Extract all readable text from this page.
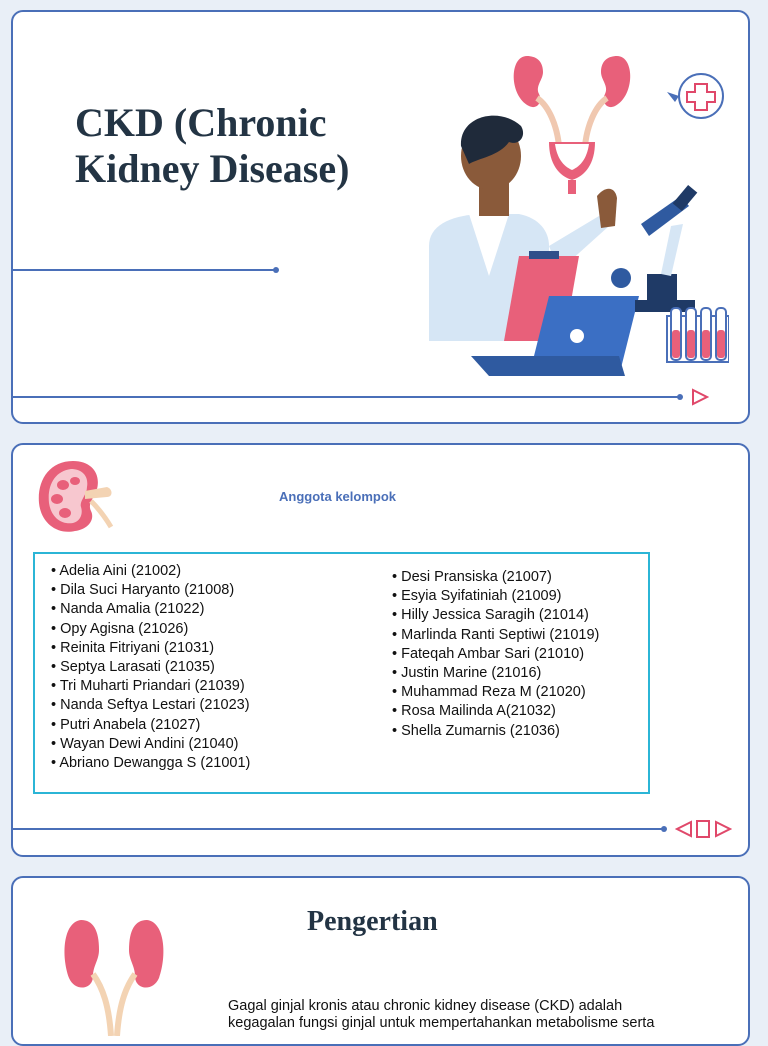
CKD (Chronic
Kidney Disease)
Anggota kelompok
• Adelia Aini (21002)
• Dila Suci Haryanto (21008)
• Nanda Amalia (21022)
• Opy Agisna (21026)
• Reinita Fitriyani (21031)
• Septya Larasati (21035)
• Tri Muharti Priandari (21039)
• Nanda Seftya Lestari (21023)
• Putri Anabela (21027)
• Wayan Dewi Andini (21040)
• Abriano Dewangga S (21001)
• Desi Pransiska (21007)
• Esyia Syifatiniah (21009)
• Hilly Jessica Saragih (21014)
• Marlinda Ranti Septiwi (21019)
• Fateqah Ambar Sari (21010)
• Justin Marine (21016)
• Muhammad Reza M (21020)
• Rosa Mailinda A(21032)
• Shella Zumarnis (21036)
Pengertian

Gagal ginjal kronis atau chronic kidney disease (CKD) adalah kegagalan fungsi ginjal untuk mempertahankan metabolisme serta
